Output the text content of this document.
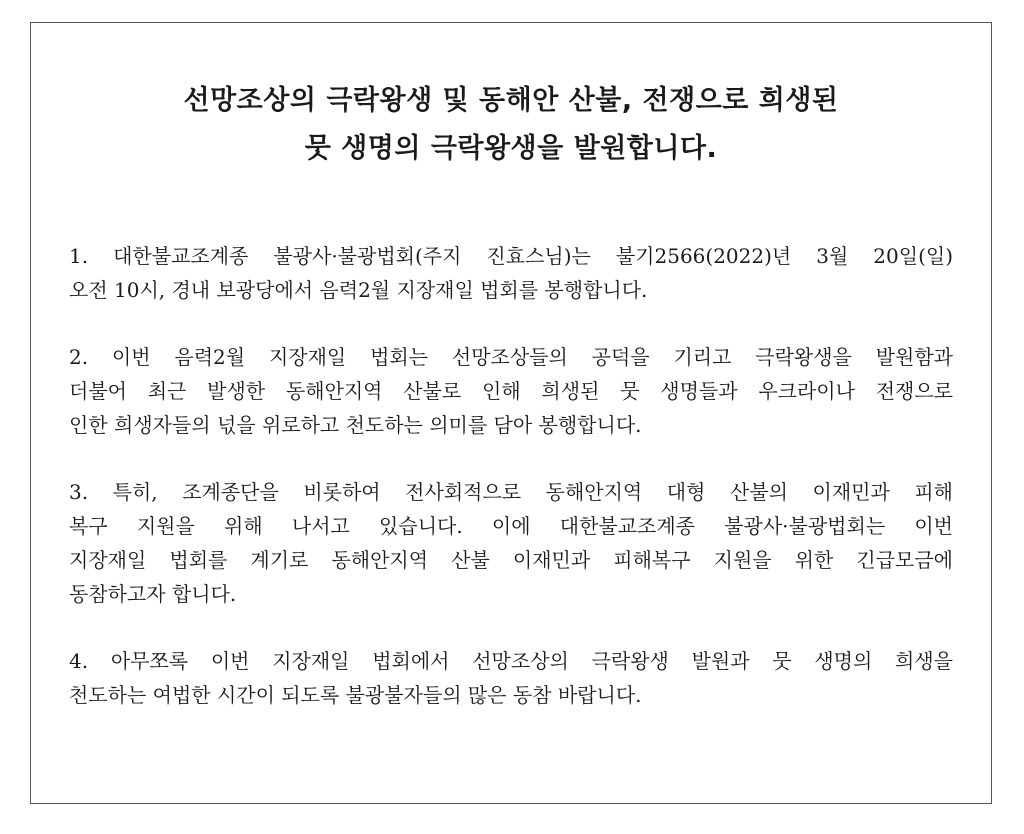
선망조상의 극락왕생 및 동해안 산불, 전쟁으로 희생된
뭇 생명의 극락왕생을 발원합니다.
1. 대한불교조계종 불광사·불광법회(주지 진효스님)는 불기2566(2022)년 3월 20일(일)
오전 10시, 경내 보광당에서 음력2월 지장재일 법회를 봉행합니다.
2. 이번 음력2월 지장재일 법회는 선망조상들의 공덕을 기리고 극락왕생을 발원함과
더불어 최근 발생한 동해안지역 산불로 인해 희생된 뭇 생명들과 우크라이나 전쟁으로
인한 희생자들의 넋을 위로하고 천도하는 의미를 담아 봉행합니다.
3. 특히, 조계종단을 비롯하여 전사회적으로 동해안지역 대형 산불의 이재민과 피해
복구 지원을 위해 나서고 있습니다. 이에 대한불교조계종 불광사·불광법회는 이번
지장재일 법회를 계기로 동해안지역 산불 이재민과 피해복구 지원을 위한 긴급모금에
동참하고자 합니다.
4. 아무쪼록 이번 지장재일 법회에서 선망조상의 극락왕생 발원과 뭇 생명의 희생을
천도하는 여법한 시간이 되도록 불광불자들의 많은 동참 바랍니다.
